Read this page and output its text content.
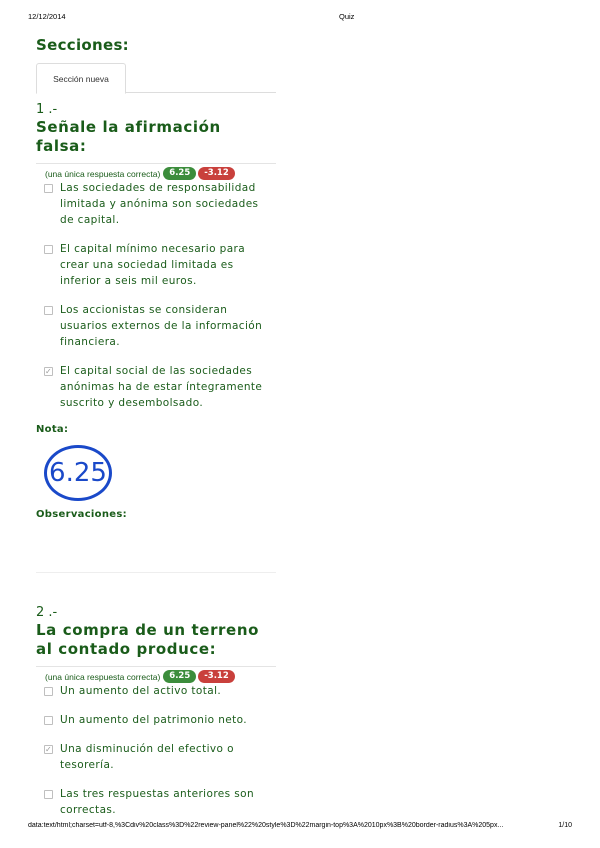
12/12/2014	Quiz
Secciones:
Sección nueva
1 .-
Señale la afirmación falsa:
(una única respuesta correcta)	6.25	-3.12
Las sociedades de responsabilidad limitada y anónima son sociedades de capital.
El capital mínimo necesario para crear una sociedad limitada es inferior a seis mil euros.
Los accionistas se consideran usuarios externos de la información financiera.
✓
El capital social de las sociedades anónimas ha de estar íntegramente suscrito y desembolsado.
Nota:
6.25
Observaciones:
2 .-
La compra de un terreno al contado produce:
(una única respuesta correcta)	6.25	-3.12
Un aumento del activo total.
Un aumento del patrimonio neto.
✓
Una disminución del efectivo o tesorería.
Las tres respuestas anteriores son correctas.
data:text/html;charset=utf-8,%3Cdiv%20class%3D%22review-panel%22%20style%3D%22margin-top%3A%2010px%3B%20border-radius%3A%205px...	1/10
